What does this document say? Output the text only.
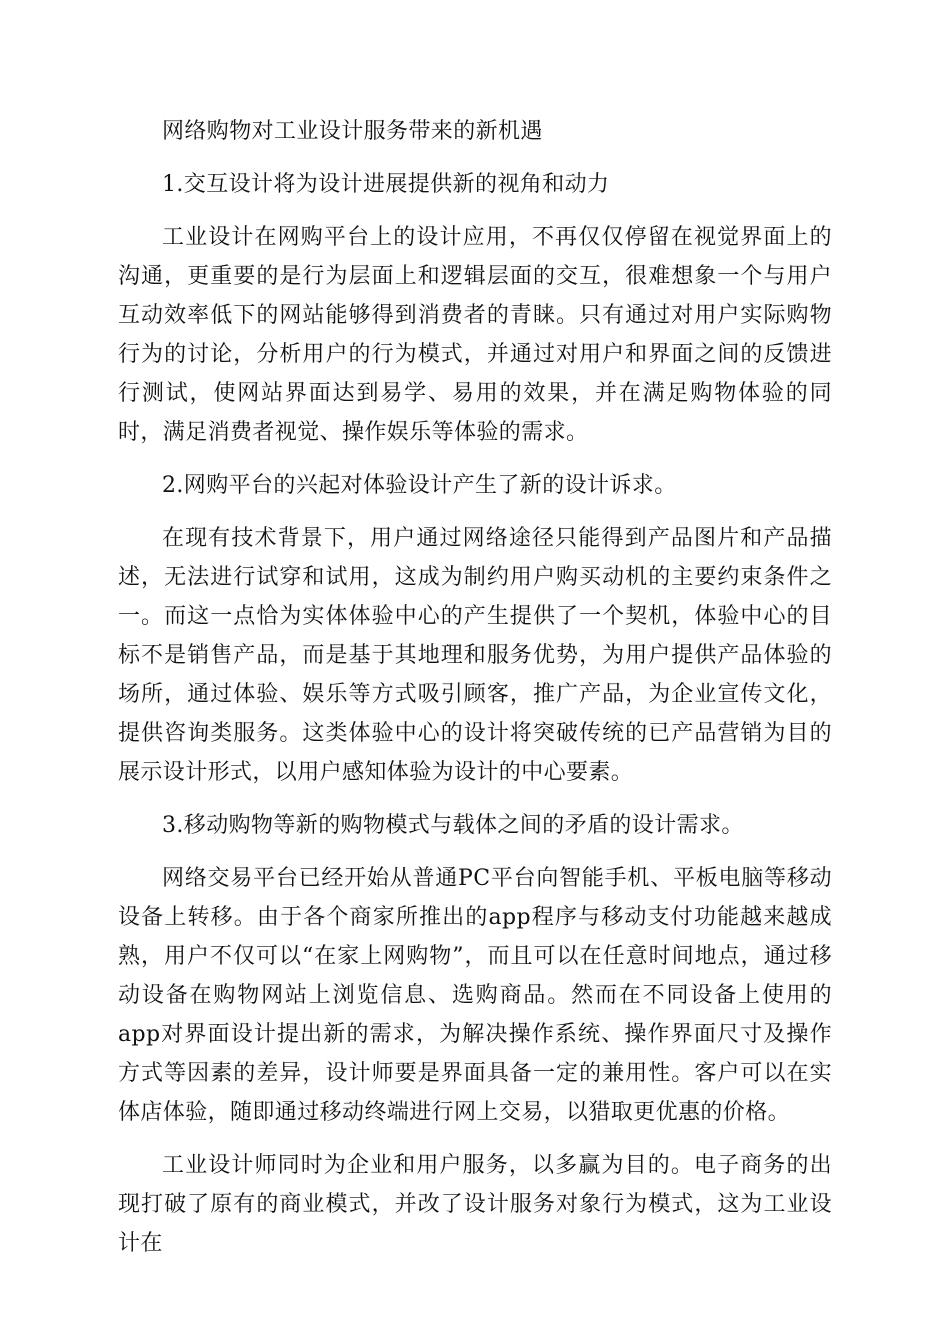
网络购物对工业设计服务带来的新机遇

1.交互设计将为设计进展提供新的视角和动力

工业设计在网购平台上的设计应用，不再仅仅停留在视觉界面上的沟通，更重要的是行为层面上和逻辑层面的交互，很难想象一个与用户互动效率低下的网站能够得到消费者的青睐。只有通过对用户实际购物行为的讨论，分析用户的行为模式，并通过对用户和界面之间的反馈进行测试，使网站界面达到易学、易用的效果，并在满足购物体验的同时，满足消费者视觉、操作娱乐等体验的需求。

2.网购平台的兴起对体验设计产生了新的设计诉求。

在现有技术背景下，用户通过网络途径只能得到产品图片和产品描述，无法进行试穿和试用，这成为制约用户购买动机的主要约束条件之一。而这一点恰为实体体验中心的产生提供了一个契机，体验中心的目标不是销售产品，而是基于其地理和服务优势，为用户提供产品体验的场所，通过体验、娱乐等方式吸引顾客，推广产品，为企业宣传文化，提供咨询类服务。这类体验中心的设计将突破传统的已产品营销为目的展示设计形式，以用户感知体验为设计的中心要素。

3.移动购物等新的购物模式与载体之间的矛盾的设计需求。

网络交易平台已经开始从普通PC平台向智能手机、平板电脑等移动设备上转移。由于各个商家所推出的app程序与移动支付功能越来越成熟，用户不仅可以“在家上网购物”，而且可以在任意时间地点，通过移动设备在购物网站上浏览信息、选购商品。然而在不同设备上使用的app对界面设计提出新的需求，为解决操作系统、操作界面尺寸及操作方式等因素的差异，设计师要是界面具备一定的兼用性。客户可以在实体店体验，随即通过移动终端进行网上交易，以猎取更优惠的价格。

工业设计师同时为企业和用户服务，以多赢为目的。电子商务的出现打破了原有的商业模式，并改了设计服务对象行为模式，这为工业设计在
